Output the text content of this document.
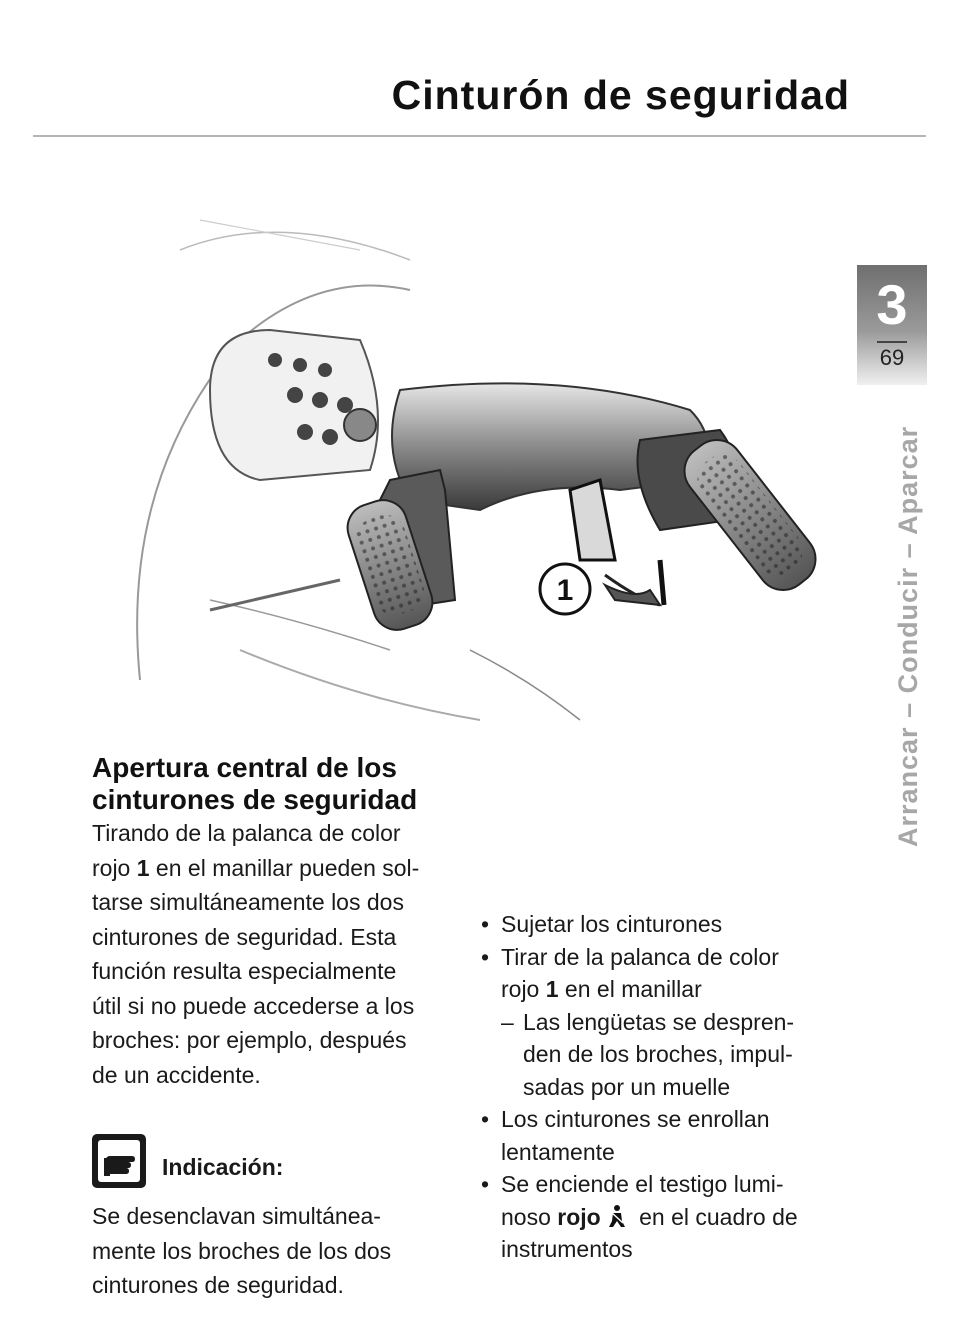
Cinturón de seguridad
3
69
Arrancar – Conducir – Aparcar
1
Apertura central de los
cinturones de seguridad
Tirando de la palanca de color
rojo 1 en el manillar pueden sol-
tarse simultáneamente los dos
cinturones de seguridad. Esta
función resulta especialmente
útil si no puede accederse a los
broches: por ejemplo, después
de un accidente.
Indicación:
Se desenclavan simultánea-
mente los broches de los dos
cinturones de seguridad.
• Sujetar los cinturones
• Tirar de la palanca de color
rojo 1 en el manillar
– Las lengüetas se despren-
den de los broches, impul-
sadas por un muelle
• Los cinturones se enrollan
lentamente
• Se enciende el testigo lumi-
noso rojo en el cuadro de
instrumentos
